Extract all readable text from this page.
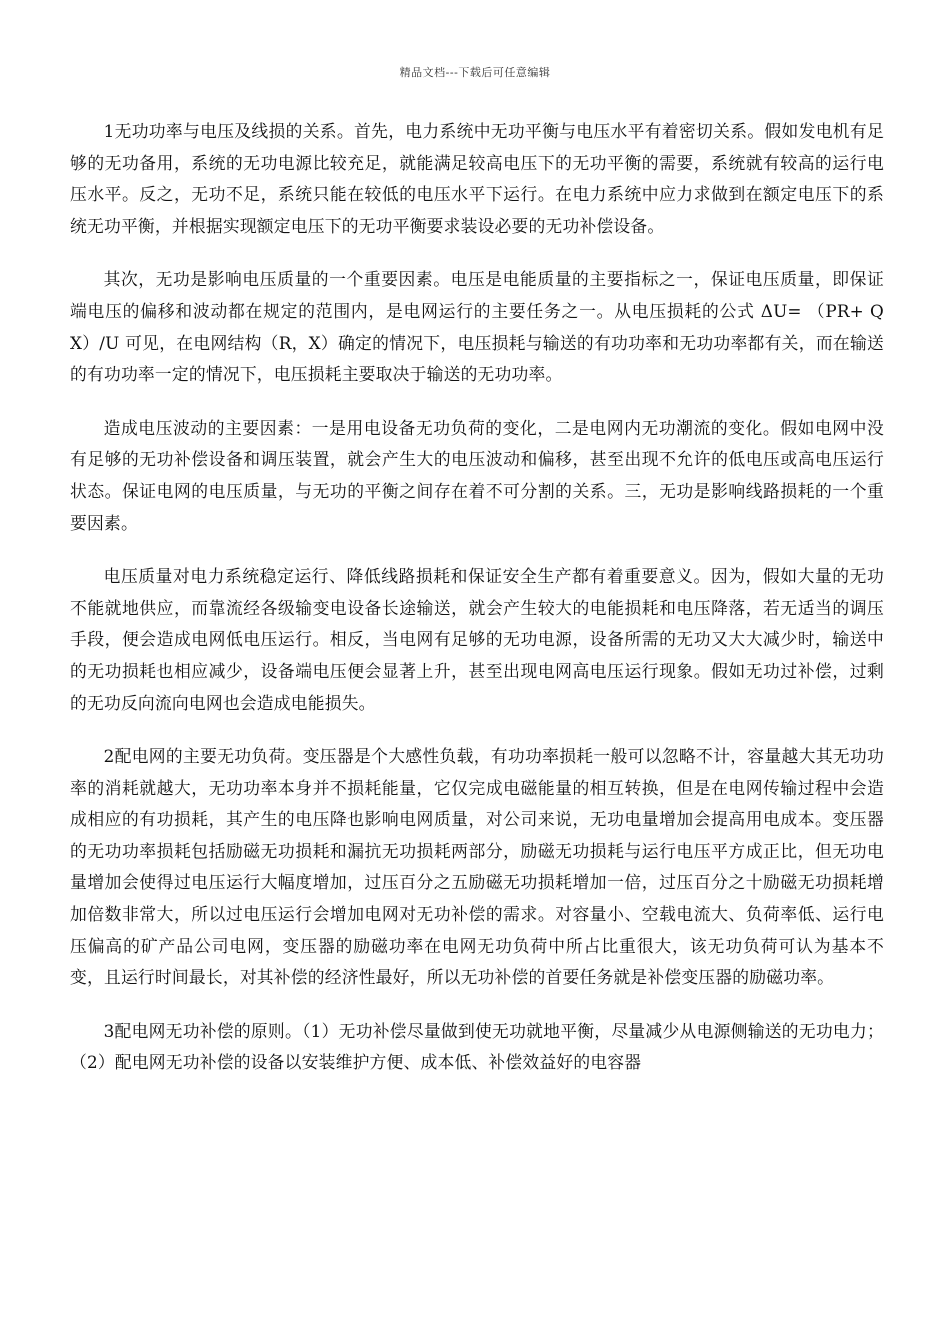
精品文档---下载后可任意编辑

1无功功率与电压及线损的关系。首先，电力系统中无功平衡与电压水平有着密切关系。假如发电机有足够的无功备用，系统的无功电源比较充足，就能满足较高电压下的无功平衡的需要，系统就有较高的运行电压水平。反之，无功不足，系统只能在较低的电压水平下运行。在电力系统中应力求做到在额定电压下的系统无功平衡，并根据实现额定电压下的无功平衡要求装设必要的无功补偿设备。

其次，无功是影响电压质量的一个重要因素。电压是电能质量的主要指标之一，保证电压质量，即保证端电压的偏移和波动都在规定的范围内，是电网运行的主要任务之一。从电压损耗的公式 ΔU= （PR+ QX）/U 可见，在电网结构（R，X）确定的情况下，电压损耗与输送的有功功率和无功功率都有关，而在输送的有功功率一定的情况下，电压损耗主要取决于输送的无功功率。

造成电压波动的主要因素：一是用电设备无功负荷的变化，二是电网内无功潮流的变化。假如电网中没有足够的无功补偿设备和调压装置，就会产生大的电压波动和偏移，甚至出现不允许的低电压或高电压运行状态。保证电网的电压质量，与无功的平衡之间存在着不可分割的关系。三，无功是影响线路损耗的一个重要因素。

电压质量对电力系统稳定运行、降低线路损耗和保证安全生产都有着重要意义。因为，假如大量的无功不能就地供应，而靠流经各级输变电设备长途输送，就会产生较大的电能损耗和电压降落，若无适当的调压手段，便会造成电网低电压运行。相反，当电网有足够的无功电源，设备所需的无功又大大减少时，输送中的无功损耗也相应减少，设备端电压便会显著上升，甚至出现电网高电压运行现象。假如无功过补偿，过剩的无功反向流向电网也会造成电能损失。

2配电网的主要无功负荷。变压器是个大感性负载，有功功率损耗一般可以忽略不计，容量越大其无功功率的消耗就越大，无功功率本身并不损耗能量，它仅完成电磁能量的相互转换，但是在电网传输过程中会造成相应的有功损耗，其产生的电压降也影响电网质量，对公司来说，无功电量增加会提高用电成本。变压器的无功功率损耗包括励磁无功损耗和漏抗无功损耗两部分，励磁无功损耗与运行电压平方成正比，但无功电量增加会使得过电压运行大幅度增加，过压百分之五励磁无功损耗增加一倍，过压百分之十励磁无功损耗增加倍数非常大，所以过电压运行会增加电网对无功补偿的需求。对容量小、空载电流大、负荷率低、运行电压偏高的矿产品公司电网，变压器的励磁功率在电网无功负荷中所占比重很大，该无功负荷可认为基本不变，且运行时间最长，对其补偿的经济性最好，所以无功补偿的首要任务就是补偿变压器的励磁功率。

3配电网无功补偿的原则。（1）无功补偿尽量做到使无功就地平衡，尽量减少从电源侧输送的无功电力；（2）配电网无功补偿的设备以安装维护方便、成本低、补偿效益好的电容器
